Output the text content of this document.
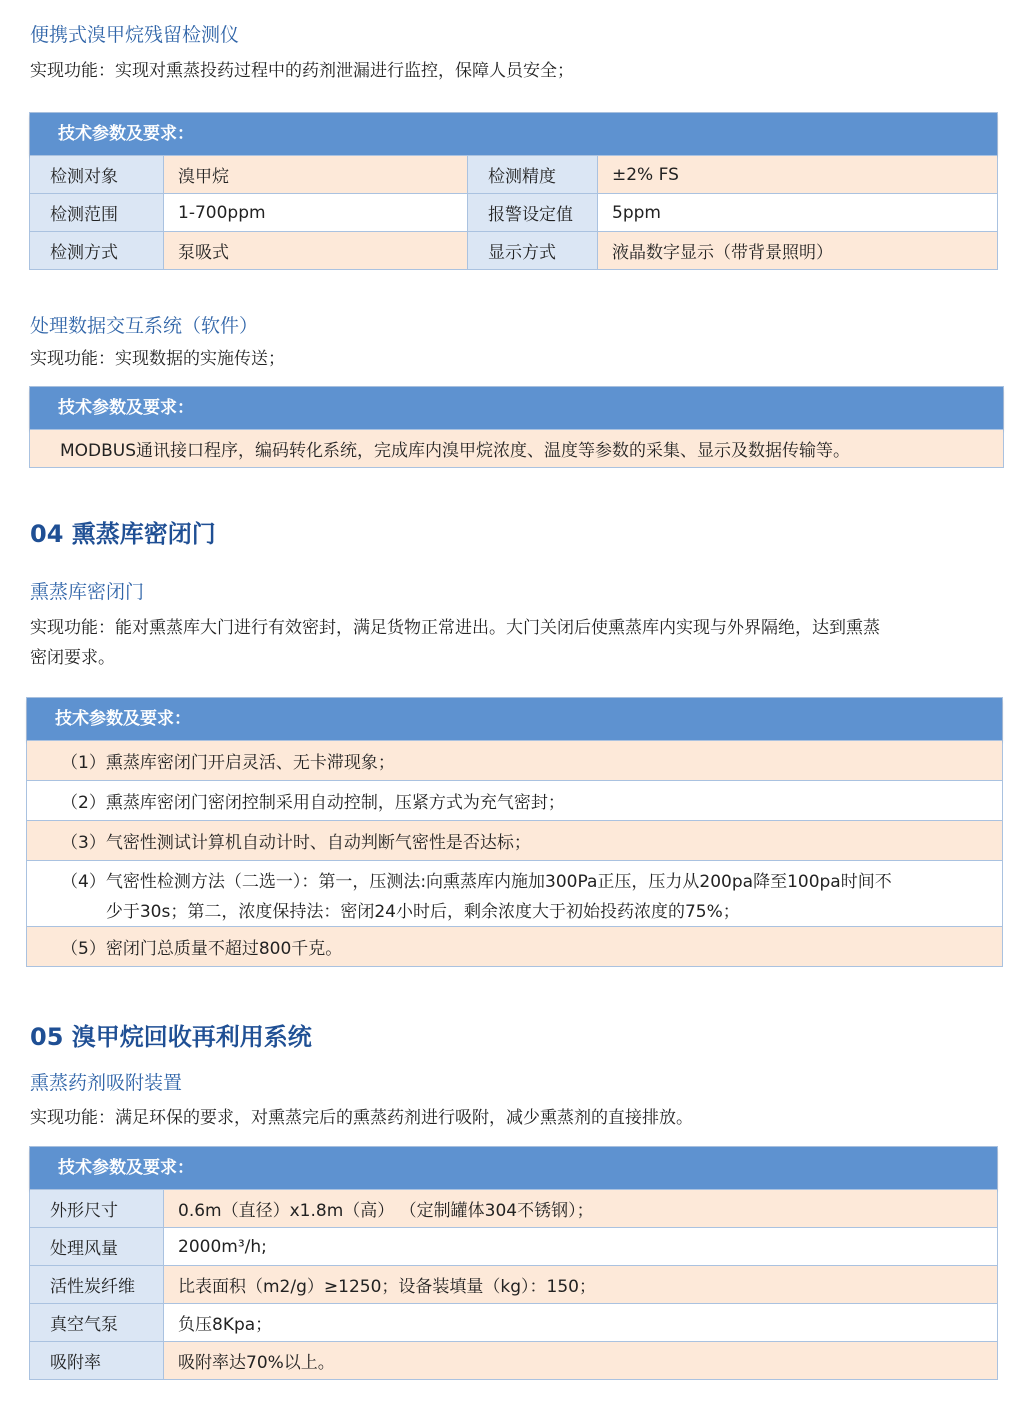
便携式溴甲烷残留检测仪
实现功能：实现对熏蒸投药过程中的药剂泄漏进行监控，保障人员安全；
技术参数及要求：
检测对象	溴甲烷	检测精度	±2% FS
检测范围	1-700ppm	报警设定值	5ppm
检测方式	泵吸式	显示方式	液晶数字显示（带背景照明）
处理数据交互系统（软件）
实现功能：实现数据的实施传送；
技术参数及要求：
MODBUS通讯接口程序，编码转化系统，完成库内溴甲烷浓度、温度等参数的采集、显示及数据传输等。
04 熏蒸库密闭门
熏蒸库密闭门
实现功能：能对熏蒸库大门进行有效密封，满足货物正常进出。大门关闭后使熏蒸库内实现与外界隔绝，达到熏蒸
密闭要求。
技术参数及要求：
（1） 熏蒸库密闭门开启灵活、无卡滞现象；
（2） 熏蒸库密闭门密闭控制采用自动控制，压紧方式为充气密封；
（3） 气密性测试计算机自动计时、自动判断气密性是否达标；
（4） 气密性检测方法（二选一）：第一，压测法:向熏蒸库内施加300Pa正压，压力从200pa降至100pa时间不
少于30s；第二，浓度保持法：密闭24小时后，剩余浓度大于初始投药浓度的75%；
（5） 密闭门总质量不超过800千克。
05 溴甲烷回收再利用系统
熏蒸药剂吸附装置
实现功能：满足环保的要求，对熏蒸完后的熏蒸药剂进行吸附，减少熏蒸剂的直接排放。
技术参数及要求：
外形尺寸	0.6m（直径）x1.8m（高） （定制罐体304不锈钢）；
处理风量	2000m³/h;
活性炭纤维	比表面积（m2/g）≥1250；设备装填量（kg）：150；
真空气泵	负压8Kpa；
吸附率	吸附率达70%以上。
